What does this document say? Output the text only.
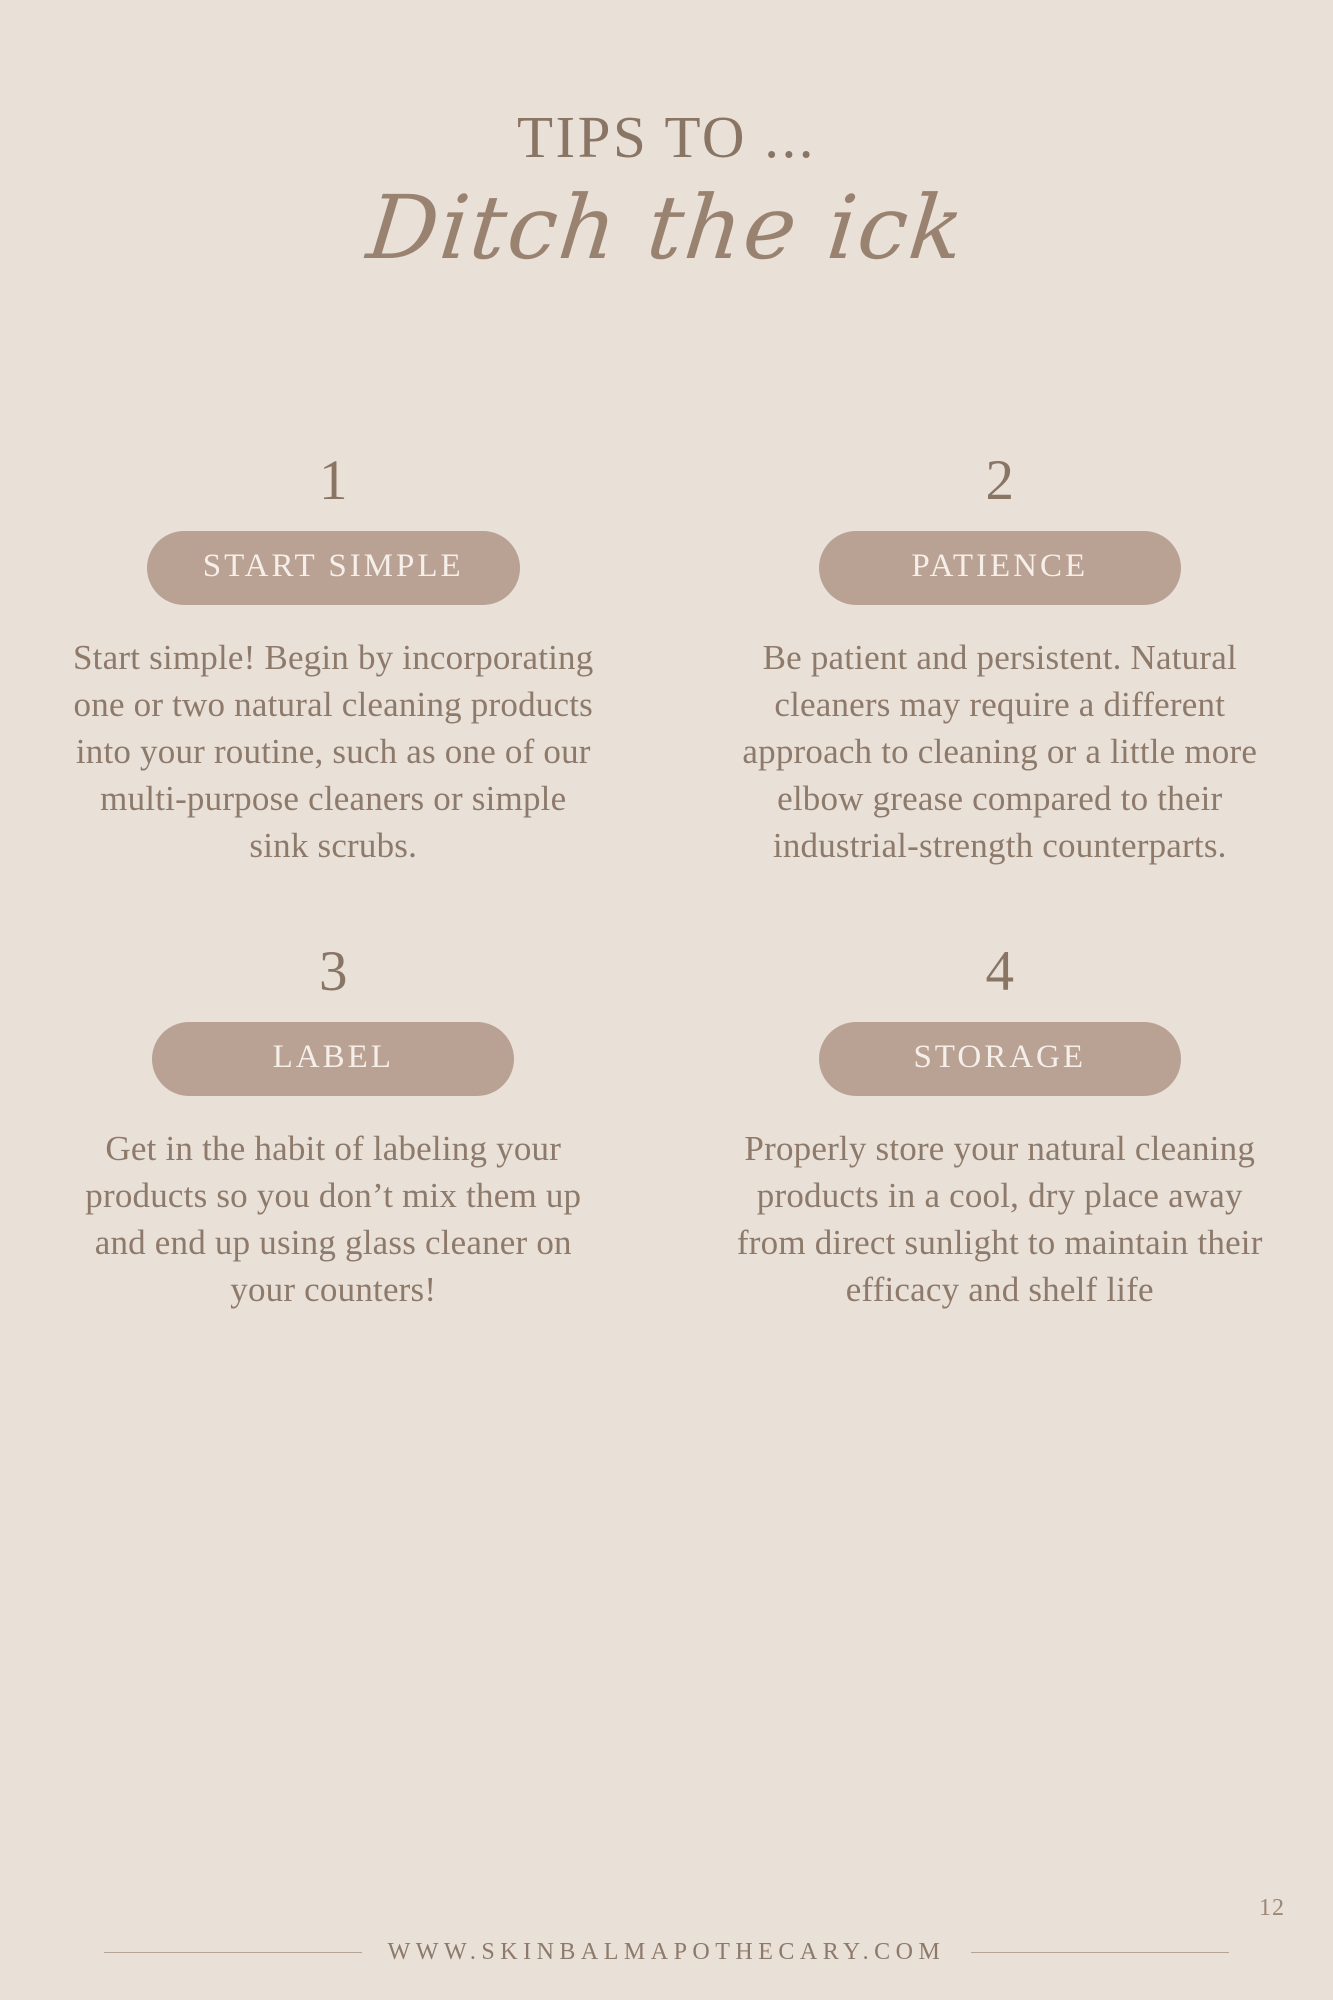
TIPS TO ...
Ditch the ick
1
START SIMPLE
Start simple! Begin by incorporating one or two natural cleaning products into your routine, such as one of our multi-purpose cleaners or simple sink scrubs.
2
PATIENCE
Be patient and persistent. Natural cleaners may require a different approach to cleaning or a little more elbow grease compared to their industrial-strength counterparts.
3
LABEL
Get in the habit of labeling your products so you don’t mix them up and end up using glass cleaner on your counters!
4
STORAGE
Properly store your natural cleaning products in a cool, dry place away from direct sunlight to maintain their efficacy and shelf life
12
WWW.SKINBALMAPOTHECARY.COM
